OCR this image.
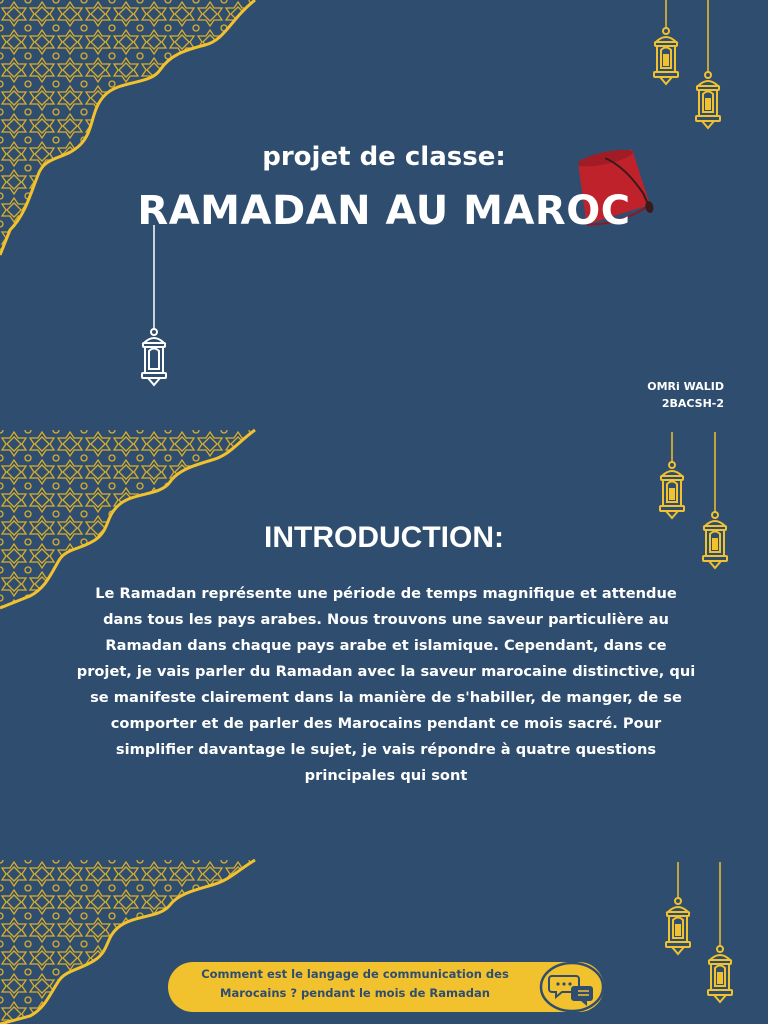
projet de classe:
RAMADAN AU MAROC
OMRi WALID
2BACSH-2
INTRODUCTION:

Le Ramadan représente une période de temps magnifique et attendue dans tous les pays arabes. Nous trouvons une saveur particulière au Ramadan dans chaque pays arabe et islamique. Cependant, dans ce projet, je vais parler du Ramadan avec la saveur marocaine distinctive, qui se manifeste clairement dans la manière de s'habiller, de manger, de se comporter et de parler des Marocains pendant ce mois sacré. Pour simplifier davantage le sujet, je vais répondre à quatre questions principales qui sont

Comment est le langage de communication des Marocains ? pendant le mois de Ramadan
